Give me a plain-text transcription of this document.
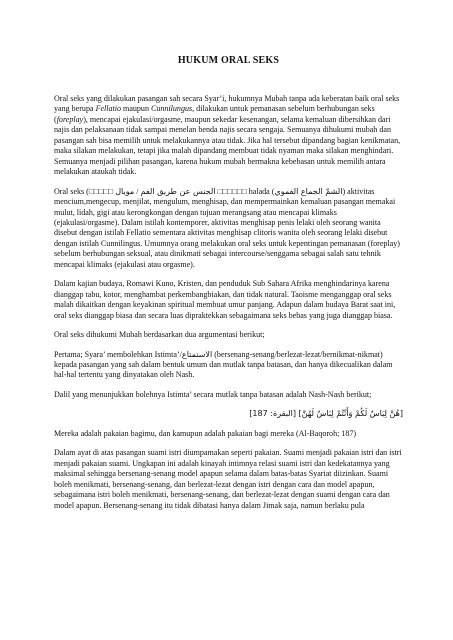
HUKUM ORAL SEKS

Oral seks yang dilakukan pasangan sah secara Syar’i, hukumnya Mubah tanpa ada keberatan baik oral seks yang berupa Fellatio maupun Cunnilungus, dilakukan untuk pemanasan sebelum berhubungan seks (foreplay), mencapai ejakulasi/orgasme, maupun sekedar kesenangan, selama kemaluan dibersihkan dari najis dan pelaksanaan tidak sampai menelan benda najis secara sengaja. Semuanya dihukumi mubah dan pasangan sah bisa memilih untuk melakukannya atau tidak. Jika hal tersebut dipandang bagian kenikmatan, maka silakan melakukan, tetapi jika malah dipandang membuat tidak nyaman maka silakan menghindari. Semuanya menjadi pilihan pasangan, karena hukum mubah bermakna kebebasan untuk memilih antara melakukan ataukah tidak.

Oral seks (□□□□□	الجنس عن طريق الفم / مويال	□□□□□□ halada (الشمّ الجماع الفموي) aktivitas mencium,mengecup, menjilat, mengulum, menghisap, dan mempermainkan kemaluan pasangan memakai mulut, lidah, gigi atau kerongkongan dengan tujuan merangsang atau mencapai klimaks (ejakulasi/orgasme). Dalam istilah kontemporer, aktivitas menghisap penis lelaki oleh seorang wanita disebut dengan istilah Fellatio sementara aktivitas menghisap clitoris wanita oleh seorang lelaki disebut dengan istilah Cunnilingus. Umumnya orang melakukan oral seks untuk kepentingan pemanasan (foreplay) sebelum berhubungan seksual, atau dinikmati sebagai intercourse/senggama sebagai salah satu tehnik mencapai klimaks (ejakulasi atau orgasme).

Dalam kajian budaya, Romawi Kuno, Kristen, dan penduduk Sub Sahara Afrika menghindarinya karena dianggap tabu, kotor, menghambat perkembangbiakan, dan tidak natural. Taoisme menganggap oral seks malah dikaitkan dengan keyakinan spiritual membuat umur panjang. Adapun dalam budaya Barat saat ini, oral seks dianggap biasa dan secara luas dipraktekkan sebagaimana seks bebas yang juga dianggap biasa.

Oral seks dihukumi Mubah berdasarkan dua argumentasi berikut;

Pertama; Syara’ membolehkan Istimta’/الاستمتاع (bersenang-senang/berlezat-lezat/bernikmat-nikmat) kepada pasangan yang sah dalam bentuk umum dan mutlak tanpa batasan, dan hanya dikecualikan dalam hal-hal tertentu yang dinyatakan oleh Nash.

Dalil yang menunjukkan bolehnya Istimta’ secara mutlak tanpa batasan adalah Nash-Nash berikut;

[هُنَّ لِبَاسٌ لَكُمْ وَأَنْتُمْ لِبَاسٌ لَهُنَّ] [البقرة: 187]

Mereka adalah pakaian bagimu, dan kamupun adalah pakaian bagi mereka (Al-Baqoroh; 187)

Dalam ayat di atas pasangan suami istri diumpamakan seperti pakaian. Suami menjadi pakaian istri dan istri menjadi pakaian suami. Ungkapan ini adalah kinayah intimnya relasi suami istri dan kedekatannya yang maksimal sehingga bersenang-senang model apapun selama dalam batas-batas Syariat diizinkan. Suami boleh menikmati, bersenang-senang, dan berlezat-lezat dengan istri dengan cara dan model apapun, sebagaimana istri boleh menikmati, bersenang-senang, dan berlezat-lezat dengan suami dengan cara dan model apapun. Bersenang-senang itu tidak dibatasi hanya dalam Jimak saja, namun berlaku pula
